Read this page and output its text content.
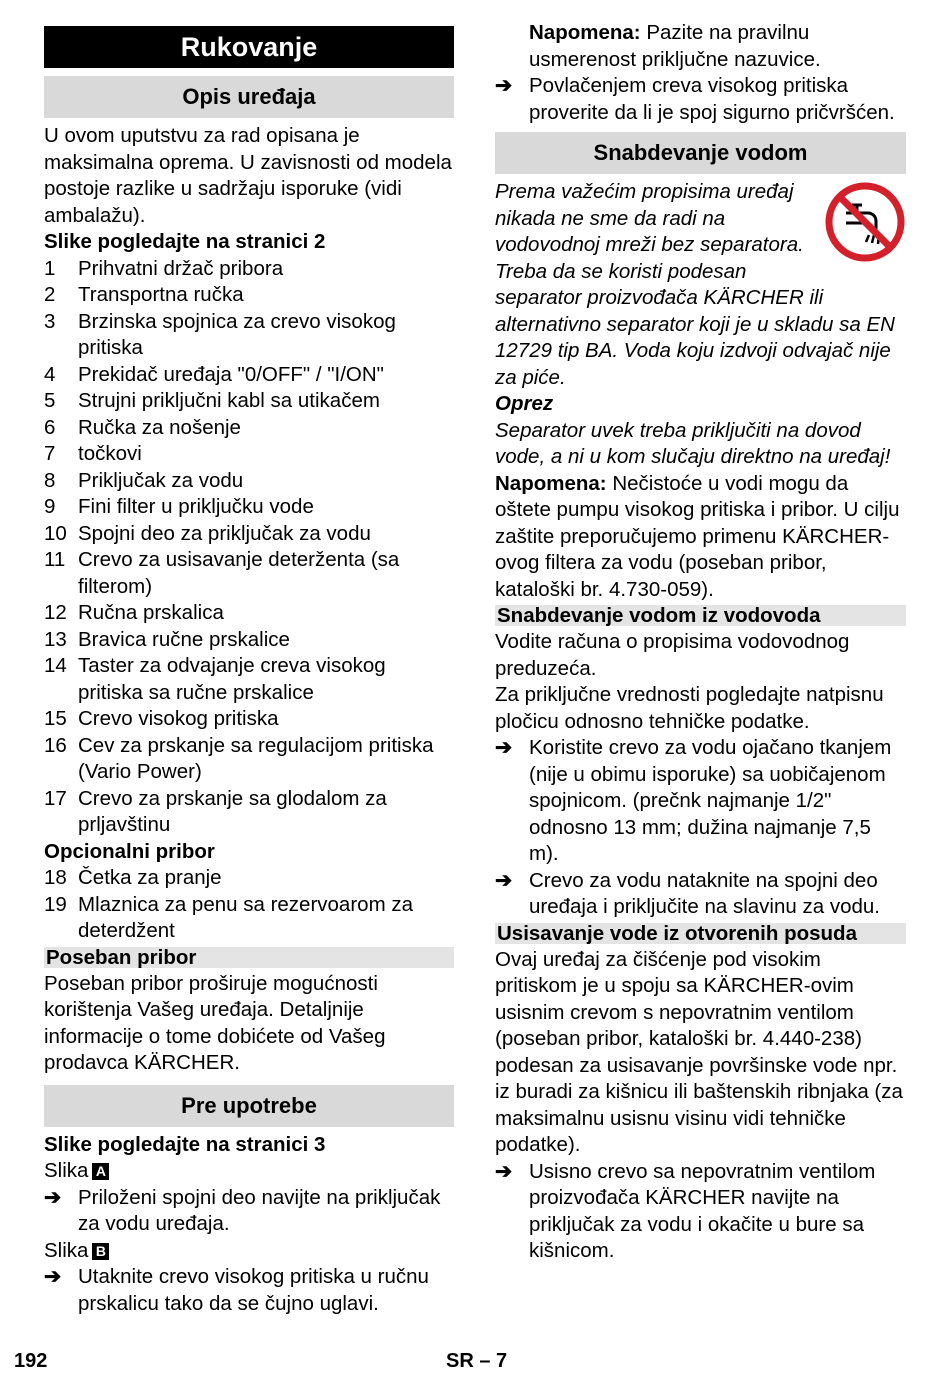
Rukovanje
Opis uređaja

U ovom uputstvu za rad opisana je maksimalna oprema. U zavisnosti od modela postoje razlike u sadržaju isporuke (vidi ambalažu).

Slike pogledajte na stranici 2

1	Prihvatni držač pribora
2	Transportna ručka
3	Brzinska spojnica za crevo visokog pritiska
4	Prekidač uređaja "0/OFF" / "I/ON"
5	Strujni priključni kabl sa utikačem
6	Ručka za nošenje
7	točkovi
8	Priključak za vodu
9	Fini filter u priključku vode
10 Spojni deo za priključak za vodu
11 Crevo za usisavanje deterženta (sa filterom)
12 Ručna prskalica
13 Bravica ručne prskalice
14 Taster za odvajanje creva visokog pritiska sa ručne prskalice
15 Crevo visokog pritiska
16 Cev za prskanje sa regulacijom pritiska (Vario Power)
17 Crevo za prskanje sa glodalom za prljavštinu

Opcionalni pribor

18 Četka za pranje
19 Mlaznica za penu sa rezervoarom za deterdžent
Poseban pribor

Poseban pribor proširuje mogućnosti korištenja Vašeg uređaja. Detaljnije informacije o tome dobićete od Vašeg prodavca KÄRCHER.

Pre upotrebe

Slike pogledajte na stranici 3

Slika A

➔ Priloženi spojni deo navijte na priključak za vodu uređaja.

Slika B

➔ Utaknite crevo visokog pritiska u ručnu prskalicu tako da se čujno uglavi.

Napomena: Pazite na pravilnu usmerenost priključne nazuvice.

➔ Povlačenjem creva visokog pritiska proverite da li je spoj sigurno pričvršćen.
Snabdevanje vodom

Prema važećim propisima uređaj nikada ne sme da radi na vodovodnoj mreži bez separatora. Treba da se koristi podesan separator proizvođača KÄRCHER ili alternativno separator koji je u skladu sa EN 12729 tip BA. Voda koju izdvoji odvajač nije za piće.

Oprez

Separator uvek treba priključiti na dovod vode, a ni u kom slučaju direktno na uređaj!

Napomena: Nečistoće u vodi mogu da oštete pumpu visokog pritiska i pribor. U cilju zaštite preporučujemo primenu KÄRCHER-ovog filtera za vodu (poseban pribor, kataloški br. 4.730-059).

Snabdevanje vodom iz vodovoda

Vodite računa o propisima vodovodnog preduzeća.

Za priključne vrednosti pogledajte natpisnu pločicu odnosno tehničke podatke.

➔ Koristite crevo za vodu ojačano tkanjem (nije u obimu isporuke) sa uobičajenom spojnicom. (prečnk najmanje 1/2" odnosno 13 mm; dužina najmanje 7,5 m).
➔ Crevo za vodu nataknite na spojni deo uređaja i priključite na slavinu za vodu.
Usisavanje vode iz otvorenih posuda

Ovaj uređaj za čišćenje pod visokim pritiskom je u spoju sa KÄRCHER-ovim usisnim crevom s nepovratnim ventilom (poseban pribor, kataloški br. 4.440-238) podesan za usisavanje površinske vode npr. iz buradi za kišnicu ili baštenskih ribnjaka (za maksimalnu usisnu visinu vidi tehničke podatke).

➔ Usisno crevo sa nepovratnim ventilom proizvođača KÄRCHER navijte na priključak za vodu i okačite u bure sa kišnicom.
192	SR – 7
